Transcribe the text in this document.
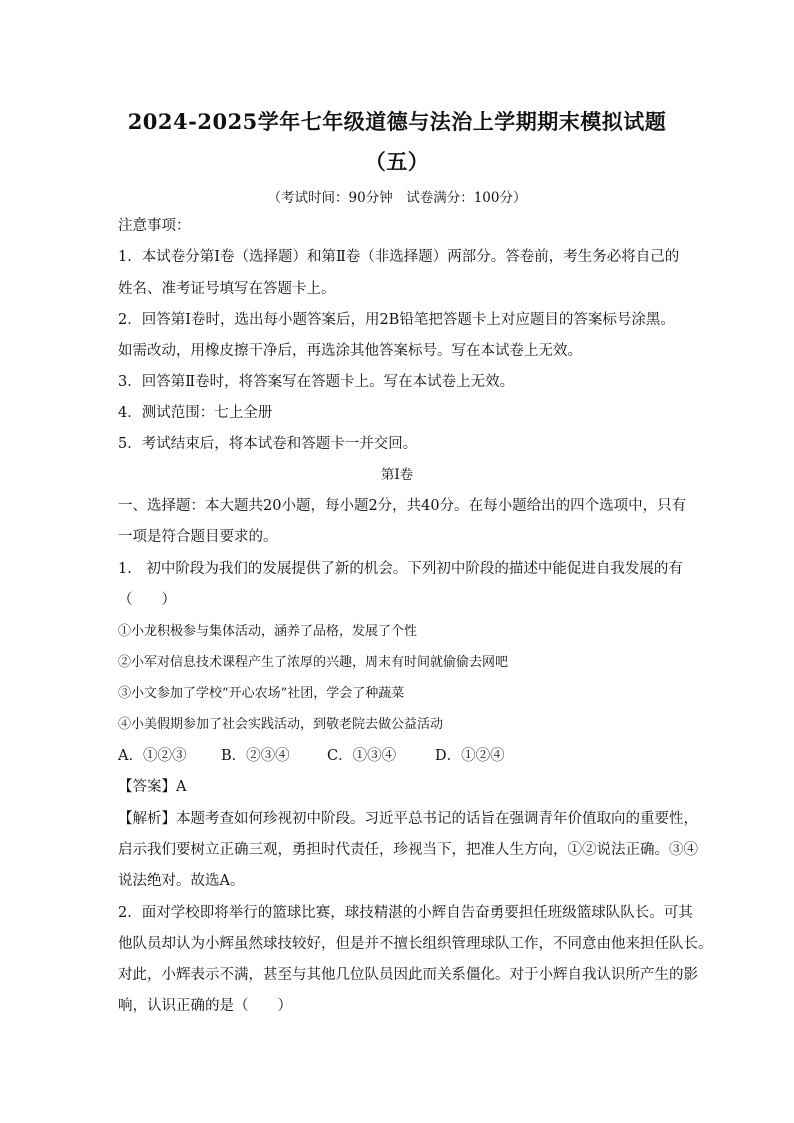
2024-2025学年七年级道德与法治上学期期末模拟试题
（五）
（考试时间：90分钟　试卷满分：100分）
注意事项：
1．本试卷分第Ⅰ卷（选择题）和第Ⅱ卷（非选择题）两部分。答卷前，考生务必将自己的
姓名、准考证号填写在答题卡上。
2．回答第Ⅰ卷时，选出每小题答案后，用2B铅笔把答题卡上对应题目的答案标号涂黑。
如需改动，用橡皮擦干净后，再选涂其他答案标号。写在本试卷上无效。
3．回答第Ⅱ卷时，将答案写在答题卡上。写在本试卷上无效。
4．测试范围：七上全册
5．考试结束后，将本试卷和答题卡一并交回。
第Ⅰ卷
一、选择题：本大题共20小题，每小题2分，共40分。在每小题给出的四个选项中，只有
一项是符合题目要求的。
1.　初中阶段为我们的发展提供了新的机会。下列初中阶段的描述中能促进自我发展的有
（　　）
①小龙积极参与集体活动，涵养了品格，发展了个性
②小军对信息技术课程产生了浓厚的兴趣，周末有时间就偷偷去网吧
③小文参加了学校“开心农场”社团，学会了种蔬菜
④小美假期参加了社会实践活动，到敬老院去做公益活动
A．①②③ B．②③④	C．①③④	D．①②④
【答案】A
【解析】本题考查如何珍视初中阶段。习近平总书记的话旨在强调青年价值取向的重要性，
启示我们要树立正确三观，勇担时代责任，珍视当下，把准人生方向，①②说法正确。③④
说法绝对。故选A。
2．面对学校即将举行的篮球比赛，球技精湛的小辉自告奋勇要担任班级篮球队队长。可其
他队员却认为小辉虽然球技较好，但是并不擅长组织管理球队工作，不同意由他来担任队长。
对此，小辉表示不满，甚至与其他几位队员因此而关系僵化。对于小辉自我认识所产生的影
响，认识正确的是（　　）
